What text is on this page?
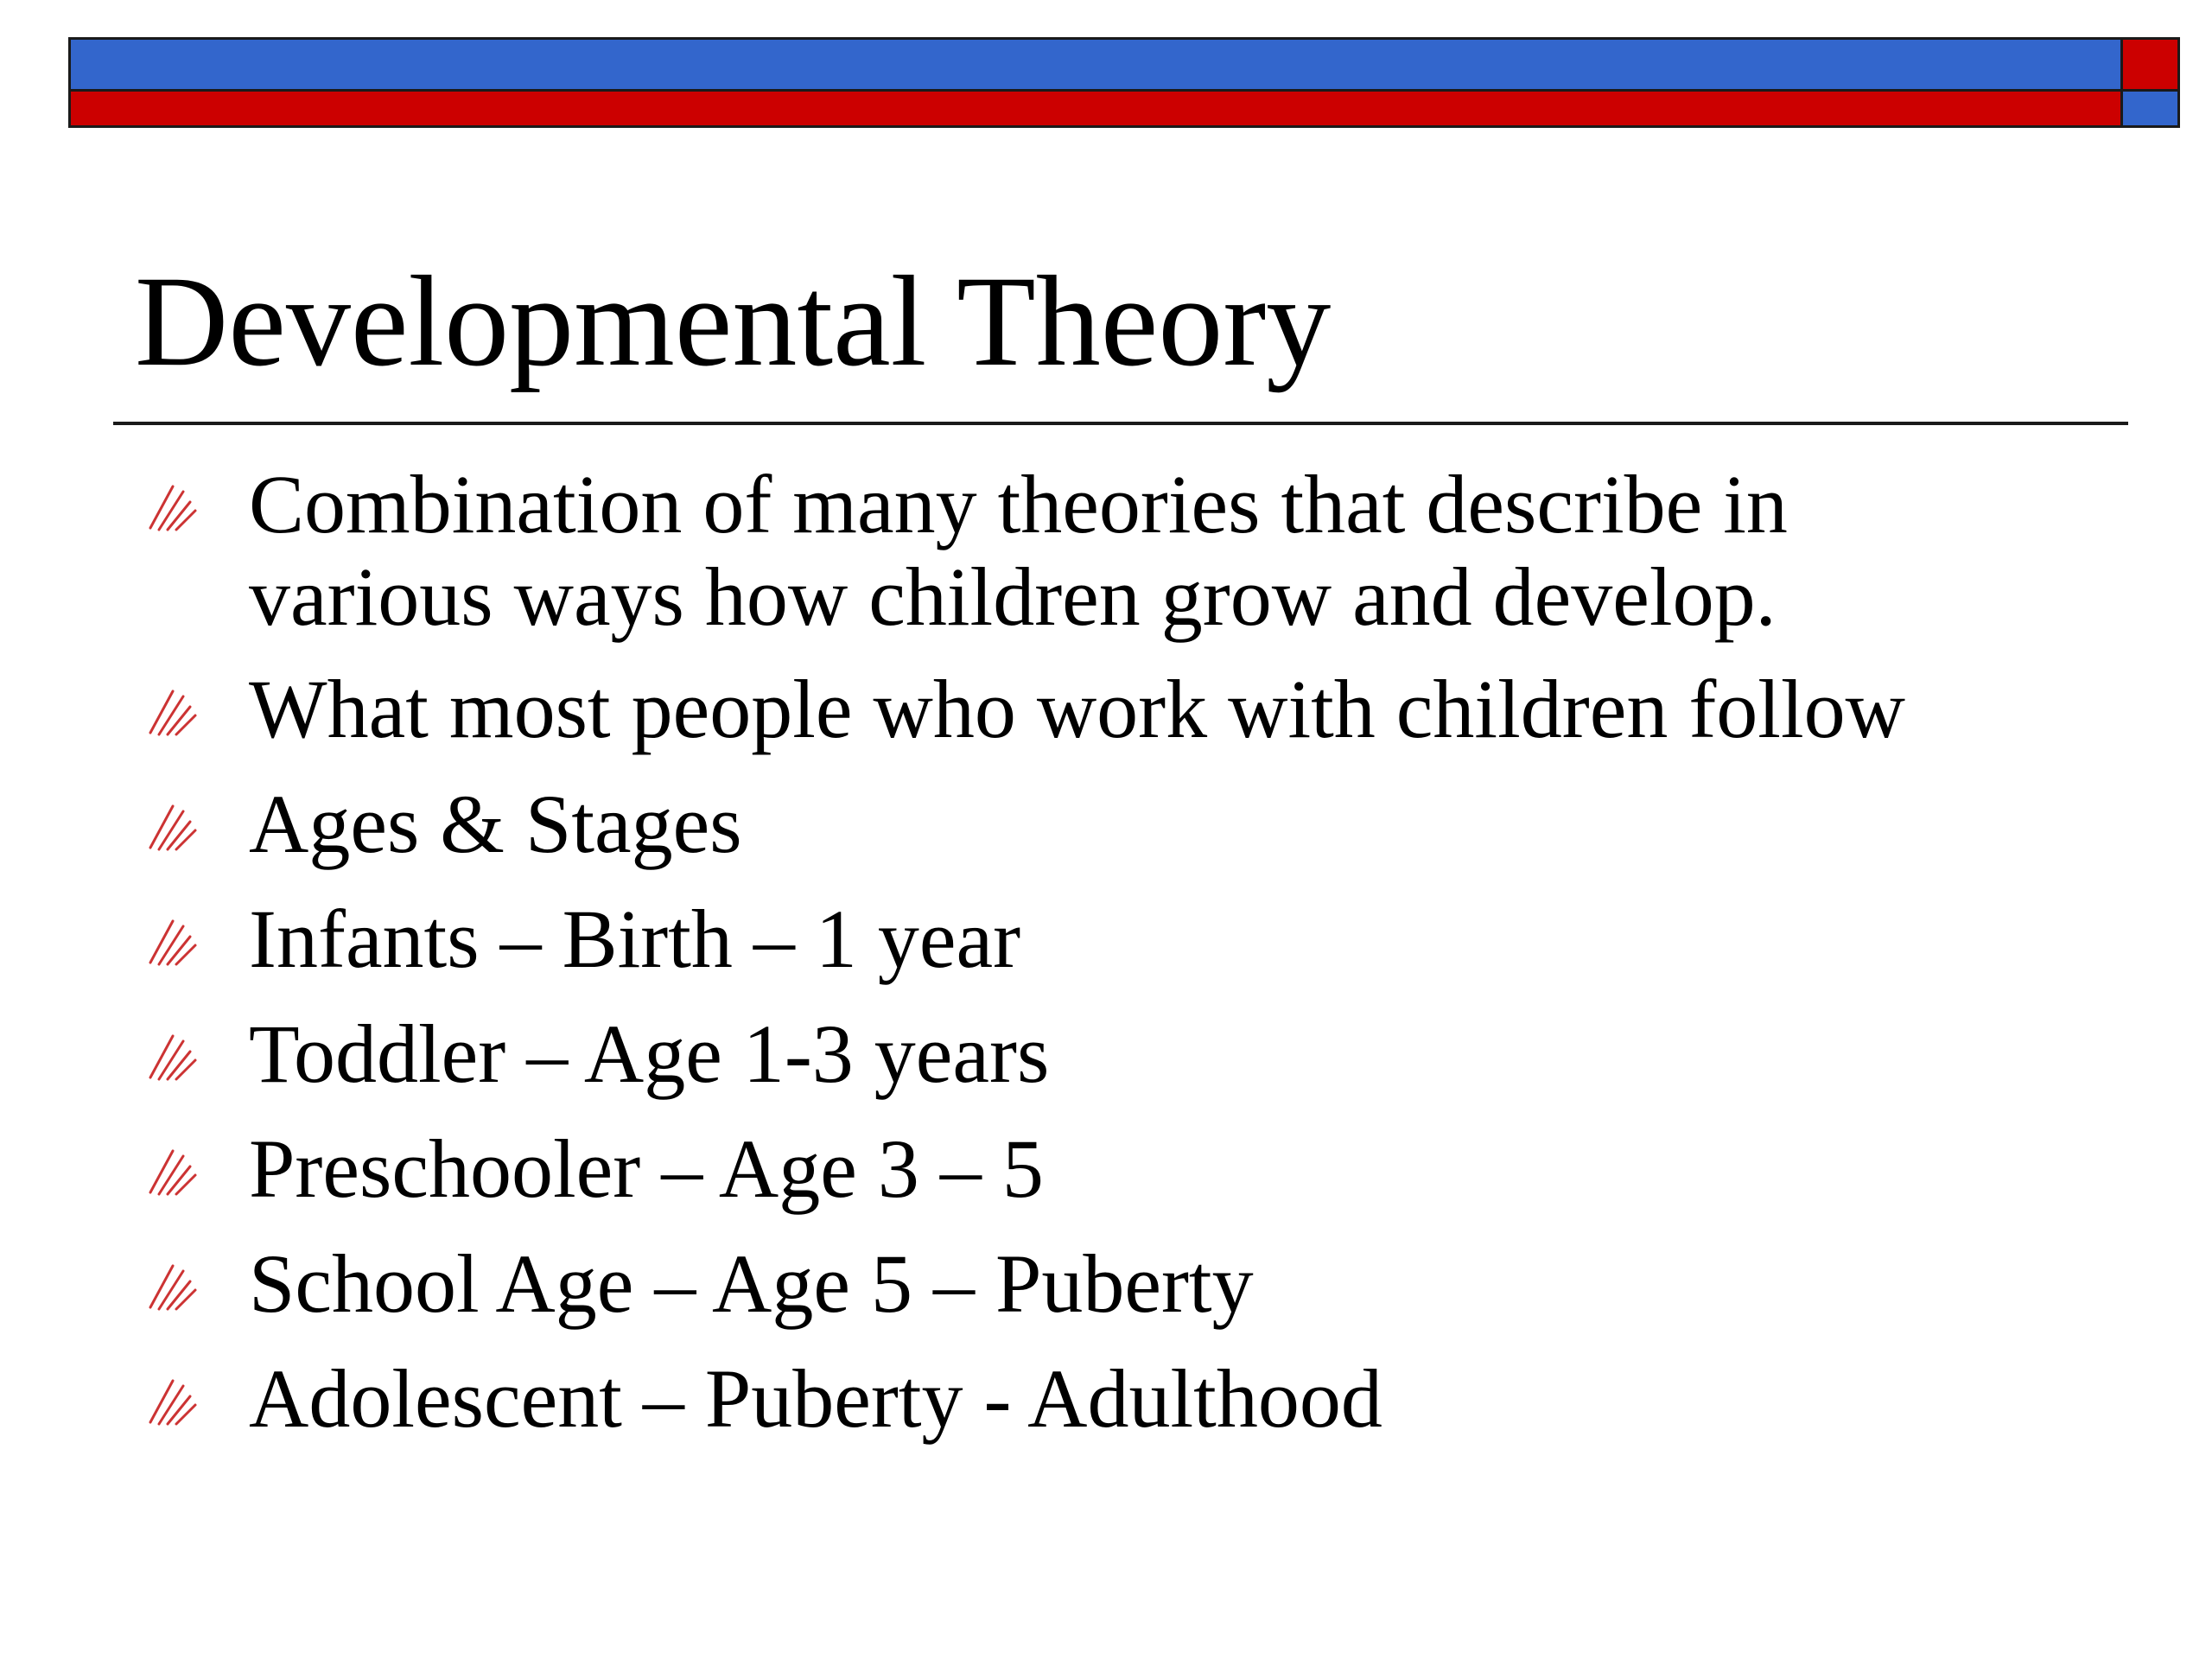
Developmental Theory
Combination of many theories that describe in
various ways how children grow and develop.
What most people who work with children follow
Ages & Stages
Infants – Birth – 1 year
Toddler – Age 1-3 years
Preschooler – Age 3 – 5
School Age – Age 5 – Puberty
Adolescent – Puberty - Adulthood
